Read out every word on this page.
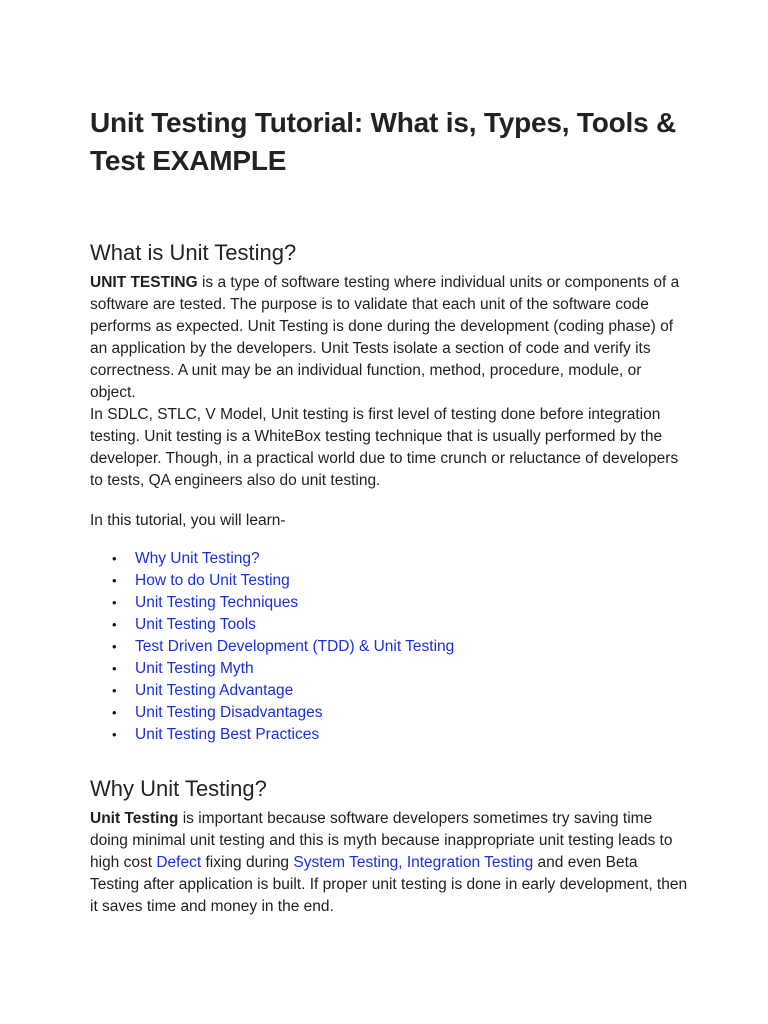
Unit Testing Tutorial: What is, Types, Tools & Test EXAMPLE
What is Unit Testing?

UNIT TESTING is a type of software testing where individual units or components of a software are tested. The purpose is to validate that each unit of the software code performs as expected. Unit Testing is done during the development (coding phase) of an application by the developers. Unit Tests isolate a section of code and verify its correctness. A unit may be an individual function, method, procedure, module, or object.

In SDLC, STLC, V Model, Unit testing is first level of testing done before integration testing. Unit testing is a WhiteBox testing technique that is usually performed by the developer. Though, in a practical world due to time crunch or reluctance of developers to tests, QA engineers also do unit testing.

In this tutorial, you will learn-

• Why Unit Testing?
• How to do Unit Testing
• Unit Testing Techniques
• Unit Testing Tools
• Test Driven Development (TDD) & Unit Testing
• Unit Testing Myth
• Unit Testing Advantage
• Unit Testing Disadvantages
• Unit Testing Best Practices
Why Unit Testing?

Unit Testing is important because software developers sometimes try saving time doing minimal unit testing and this is myth because inappropriate unit testing leads to high cost Defect fixing during System Testing, Integration Testing and even Beta Testing after application is built. If proper unit testing is done in early development, then it saves time and money in the end.
